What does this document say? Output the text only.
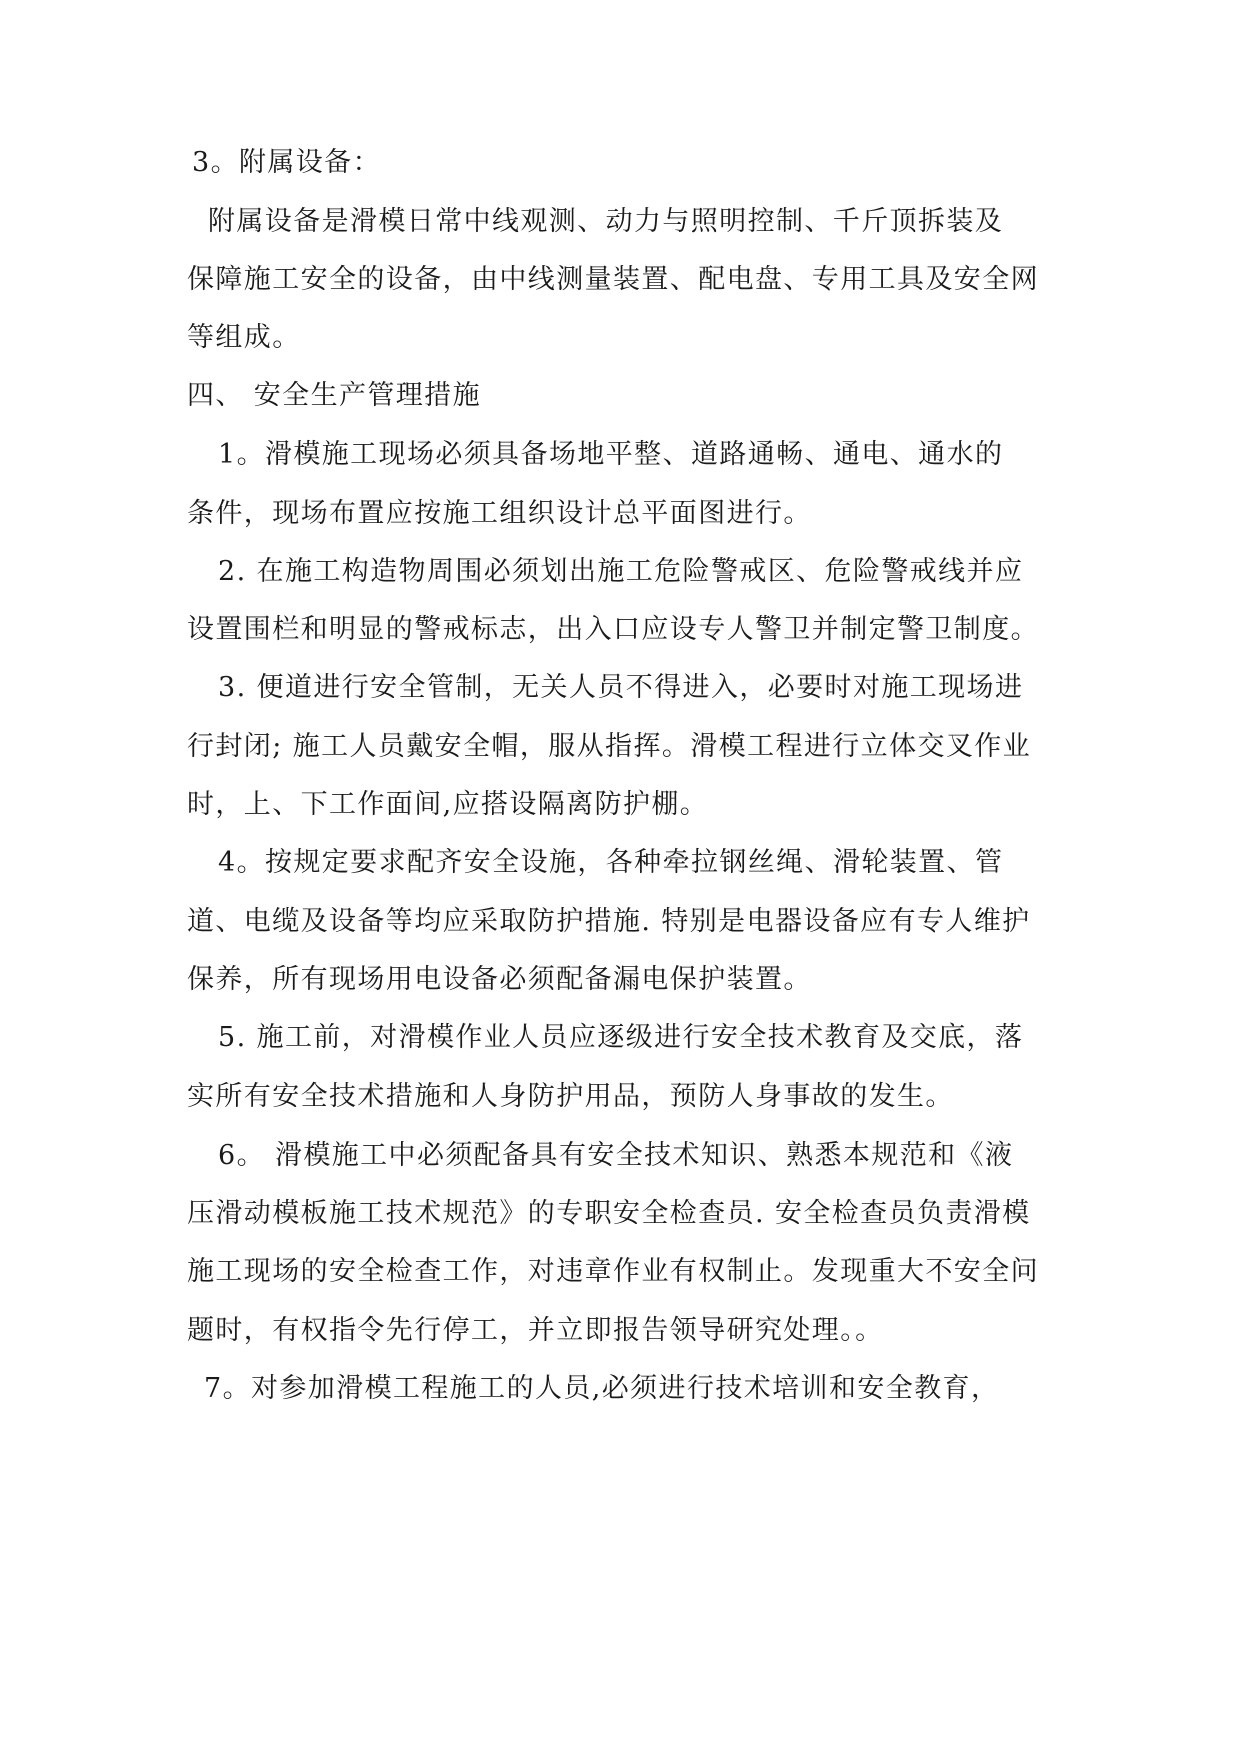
3。附属设备：
附属设备是滑模日常中线观测、动力与照明控制、千斤顶拆装及
保障施工安全的设备，由中线测量装置、配电盘、专用工具及安全网
等组成。
四、 安全生产管理措施
1。滑模施工现场必须具备场地平整、道路通畅、通电、通水的
条件，现场布置应按施工组织设计总平面图进行。
2. 在施工构造物周围必须划出施工危险警戒区、危险警戒线并应
设置围栏和明显的警戒标志，出入口应设专人警卫并制定警卫制度。
3. 便道进行安全管制，无关人员不得进入，必要时对施工现场进
行封闭; 施工人员戴安全帽，服从指挥。滑模工程进行立体交叉作业
时，上、下工作面间,应搭设隔离防护棚。
4。按规定要求配齐安全设施，各种牵拉钢丝绳、滑轮装置、管
道、电缆及设备等均应采取防护措施. 特别是电器设备应有专人维护
保养，所有现场用电设备必须配备漏电保护装置。
5. 施工前，对滑模作业人员应逐级进行安全技术教育及交底，落
实所有安全技术措施和人身防护用品，预防人身事故的发生。
6。 滑模施工中必须配备具有安全技术知识、熟悉本规范和《液
压滑动模板施工技术规范》的专职安全检查员. 安全检查员负责滑模
施工现场的安全检查工作，对违章作业有权制止。发现重大不安全问
题时，有权指令先行停工，并立即报告领导研究处理。。
7。对参加滑模工程施工的人员,必须进行技术培训和安全教育，
